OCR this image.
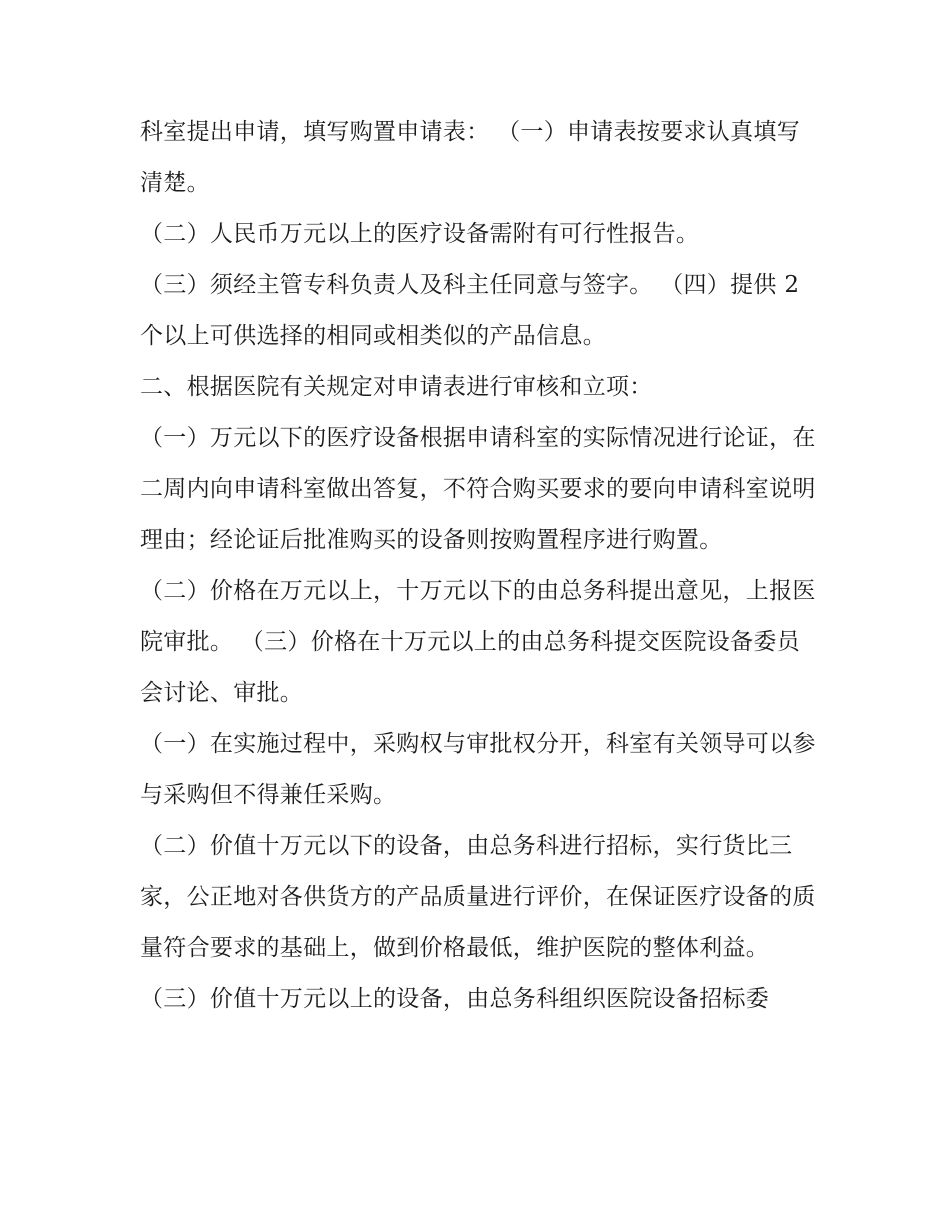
科室提出申请，填写购置申请表： （一）申请表按要求认真填写清楚。

（二）人民币万元以上的医疗设备需附有可行性报告。

（三）须经主管专科负责人及科主任同意与签字。 （四）提供 2 个以上可供选择的相同或相类似的产品信息。

二、根据医院有关规定对申请表进行审核和立项：

（一）万元以下的医疗设备根据申请科室的实际情况进行论证，在二周内向申请科室做出答复，不符合购买要求的要向申请科室说明理由；经论证后批准购买的设备则按购置程序进行购置。

（二）价格在万元以上，十万元以下的由总务科提出意见，上报医院审批。 （三）价格在十万元以上的由总务科提交医院设备委员会讨论、审批。

（一）在实施过程中，采购权与审批权分开，科室有关领导可以参与采购但不得兼任采购。

（二）价值十万元以下的设备，由总务科进行招标，实行货比三家，公正地对各供货方的产品质量进行评价，在保证医疗设备的质量符合要求的基础上，做到价格最低，维护医院的整体利益。

（三）价值十万元以上的设备，由总务科组织医院设备招标委
